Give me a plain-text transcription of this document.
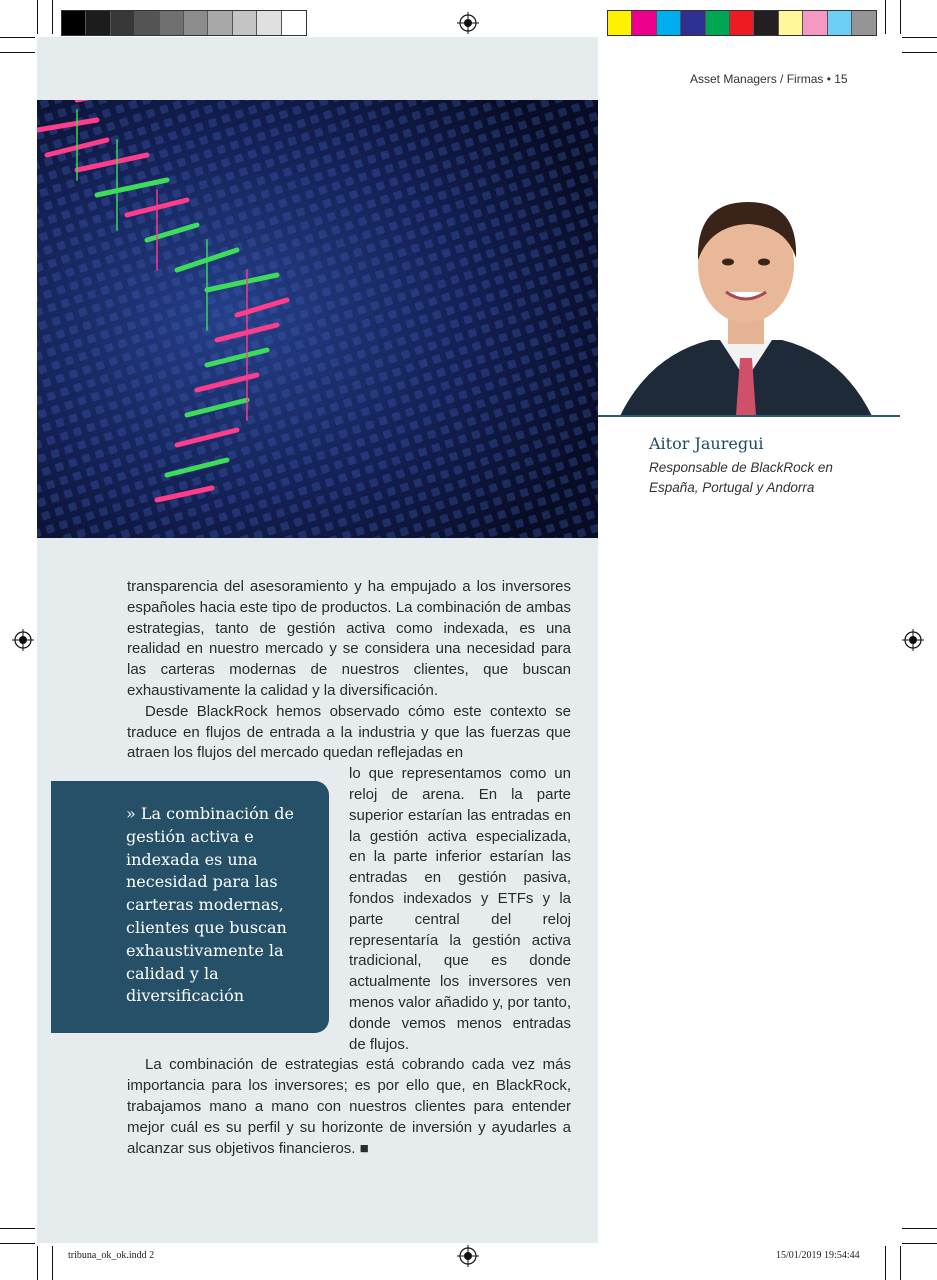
Asset Managers / Firmas • 15
Aitor Jauregui
Responsable de BlackRock en España, Portugal y Andorra

transparencia del asesoramiento y ha empujado a los inversores españoles hacia este tipo de productos. La combinación de ambas estrategias, tanto de gestión activa como indexada, es una realidad en nuestro mercado y se considera una necesidad para las carteras modernas de nuestros clientes, que buscan exhaustivamente la calidad y la diversificación.

Desde BlackRock hemos observado cómo este contexto se traduce en flujos de entrada a la industria y que las fuerzas que atraen los flujos del mercado quedan reflejadas en

lo que representamos como un reloj de arena. En la parte superior estarían las entradas en la gestión activa especializada, en la parte inferior estarían las entradas en gestión pasiva, fondos indexados y ETFs y la parte central del reloj representaría la gestión activa tradicional, que es donde actualmente los inversores ven menos valor añadido y, por tanto, donde vemos menos entradas de flujos.

La combinación de estrategias está cobrando cada vez más importancia para los inversores; es por ello que, en BlackRock, trabajamos mano a mano con nuestros clientes para entender mejor cuál es su perfil y su horizonte de inversión y ayudarles a alcanzar sus objetivos financieros. ■

» La combinación de gestión activa e indexada es una necesidad para las carteras modernas, clientes que buscan exhaustivamente la calidad y la diversificación

tribuna_ok_ok.indd 2	15/01/2019 19:54:44
